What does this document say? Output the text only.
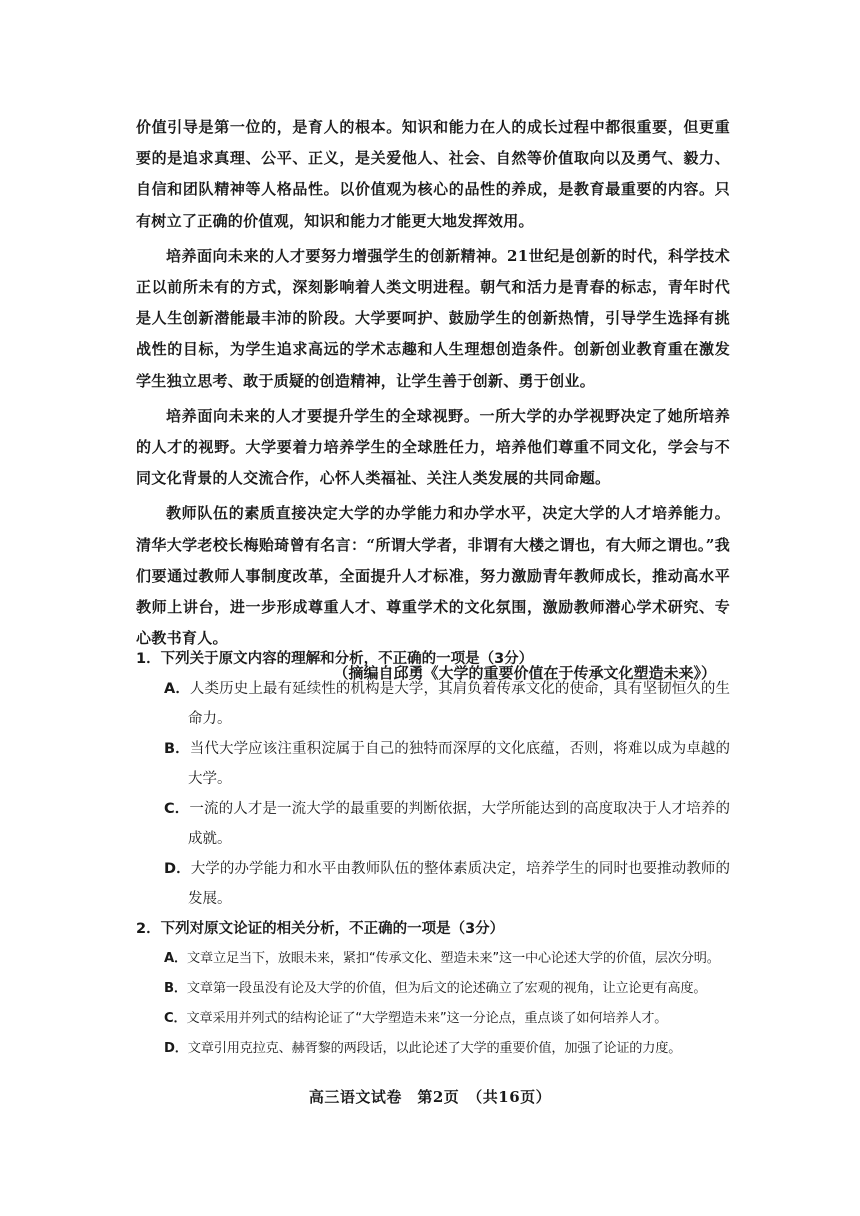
价值引导是第一位的，是育人的根本。知识和能力在人的成长过程中都很重要，但更重要的是追求真理、公平、正义，是关爱他人、社会、自然等价值取向以及勇气、毅力、自信和团队精神等人格品性。以价值观为核心的品性的养成，是教育最重要的内容。只有树立了正确的价值观，知识和能力才能更大地发挥效用。

培养面向未来的人才要努力增强学生的创新精神。21世纪是创新的时代，科学技术正以前所未有的方式，深刻影响着人类文明进程。朝气和活力是青春的标志，青年时代是人生创新潜能最丰沛的阶段。大学要呵护、鼓励学生的创新热情，引导学生选择有挑战性的目标，为学生追求高远的学术志趣和人生理想创造条件。创新创业教育重在激发学生独立思考、敢于质疑的创造精神，让学生善于创新、勇于创业。

培养面向未来的人才要提升学生的全球视野。一所大学的办学视野决定了她所培养的人才的视野。大学要着力培养学生的全球胜任力，培养他们尊重不同文化，学会与不同文化背景的人交流合作，心怀人类福祉、关注人类发展的共同命题。

教师队伍的素质直接决定大学的办学能力和办学水平，决定大学的人才培养能力。清华大学老校长梅贻琦曾有名言：“所谓大学者，非谓有大楼之谓也，有大师之谓也。”我们要通过教师人事制度改革，全面提升人才标准，努力激励青年教师成长，推动高水平教师上讲台，进一步形成尊重人才、尊重学术的文化氛围，激励教师潜心学术研究、专心教书育人。

（摘编自邱勇《大学的重要价值在于传承文化塑造未来》）

1．下列关于原文内容的理解和分析，不正确的一项是（3分）

A．人类历史上最有延续性的机构是大学，其肩负着传承文化的使命，具有坚韧恒久的生命力。

B．当代大学应该注重积淀属于自己的独特而深厚的文化底蕴，否则，将难以成为卓越的大学。

C．一流的人才是一流大学的最重要的判断依据，大学所能达到的高度取决于人才培养的成就。

D．大学的办学能力和水平由教师队伍的整体素质决定，培养学生的同时也要推动教师的发展。

2．下列对原文论证的相关分析，不正确的一项是（3分）

A．文章立足当下，放眼未来，紧扣“传承文化、塑造未来”这一中心论述大学的价值，层次分明。

B．文章第一段虽没有论及大学的价值，但为后文的论述确立了宏观的视角，让立论更有高度。

C．文章采用并列式的结构论证了“大学塑造未来”这一分论点，重点谈了如何培养人才。

D．文章引用克拉克、赫胥黎的两段话，以此论述了大学的重要价值，加强了论证的力度。

高三语文试卷　第2页　（共16页）
